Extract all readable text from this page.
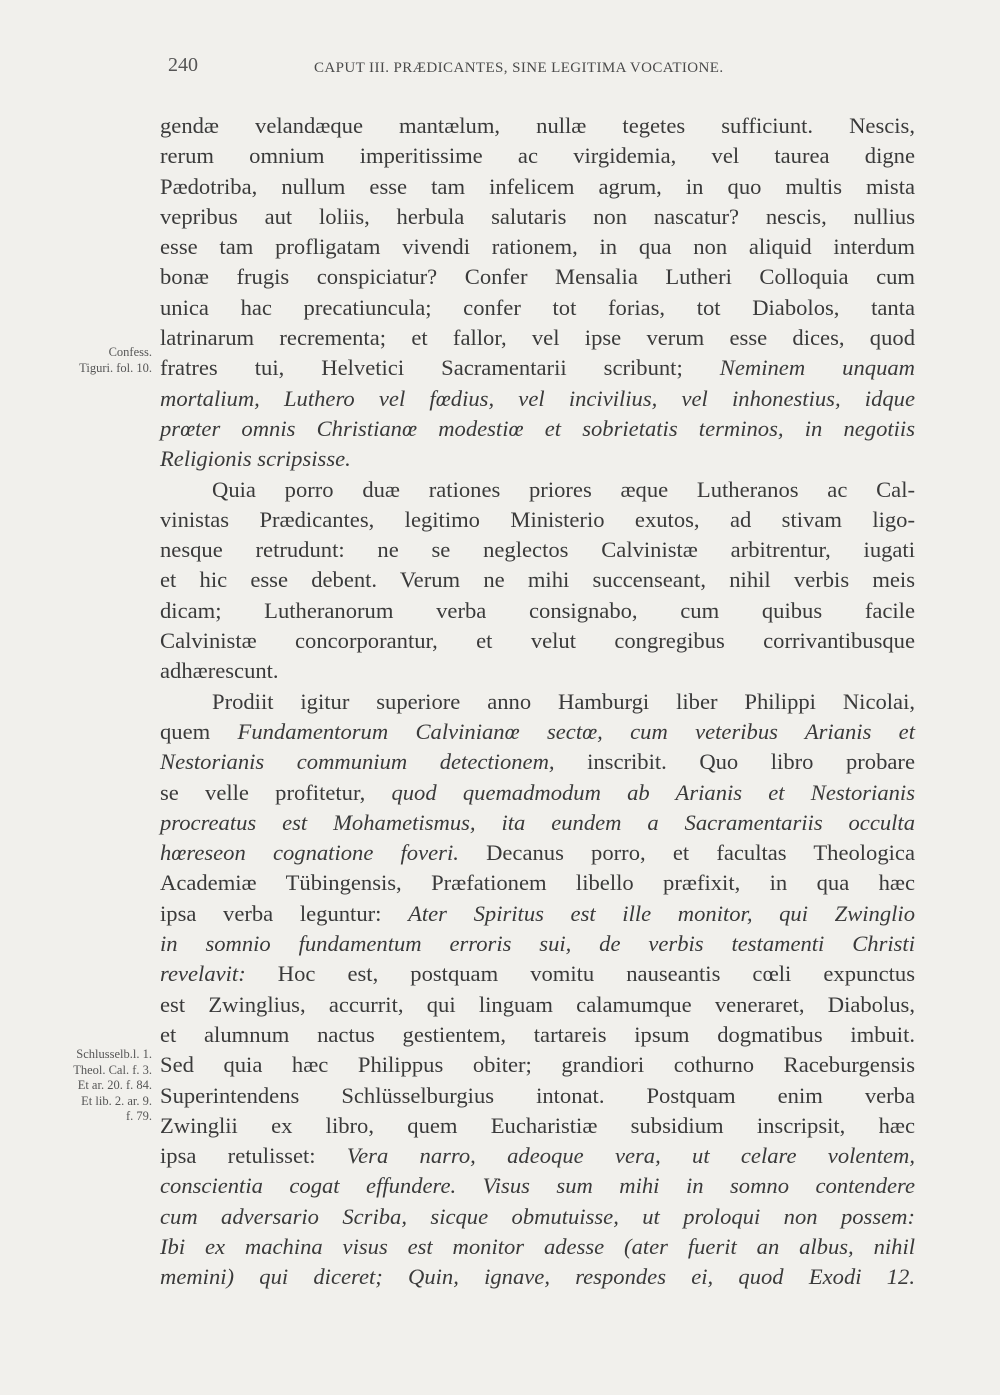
240	CAPUT III. PRÆDICANTES, SINE LEGITIMA VOCATIONE.
Confess.
Tiguri. fol. 10.
Schlusselb.l. 1.
Theol. Cal. f. 3.
Et ar. 20. f. 84.
Et lib. 2. ar. 9.
f. 79.

gendæ velandæque mantælum, nullæ tegetes sufficiunt. Nescis,
rerum omnium imperitissime ac virgidemia, vel taurea digne
Pædotriba, nullum esse tam infelicem agrum, in quo multis mista
vepribus aut loliis, herbula salutaris non nascatur? nescis, nullius
esse tam profligatam vivendi rationem, in qua non aliquid interdum
bonæ frugis conspiciatur? Confer Mensalia Lutheri Colloquia cum
unica hac precatiuncula; confer tot forias, tot Diabolos, tanta
latrinarum recrementa; et fallor, vel ipse verum esse dices, quod
fratres tui, Helvetici Sacramentarii scribunt; Neminem unquam
mortalium, Luthero vel fœdius, vel incivilius, vel inhonestius, idque
prœter omnis Christianœ modestiœ et sobrietatis terminos, in negotiis
Religionis scripsisse.

Quia porro duæ rationes priores æque Lutheranos ac Cal-
vinistas Prædicantes, legitimo Ministerio exutos, ad stivam ligo-
nesque retrudunt: ne se neglectos Calvinistæ arbitrentur, iugati
et hic esse debent. Verum ne mihi succenseant, nihil verbis meis
dicam; Lutheranorum verba consignabo, cum quibus facile
Calvinistæ concorporantur, et velut congregibus corrivantibusque
adhærescunt.

Prodiit igitur superiore anno Hamburgi liber Philippi Nicolai,
quem Fundamentorum Calvinianœ sectœ, cum veteribus Arianis et
Nestorianis communium detectionem, inscribit. Quo libro probare
se velle profitetur, quod quemadmodum ab Arianis et Nestorianis
procreatus est Mohametismus, ita eundem a Sacramentariis occulta
hœreseon cognatione foveri. Decanus porro, et facultas Theologica
Academiæ Tübingensis, Præfationem libello præfixit, in qua hæc
ipsa verba leguntur: Ater Spiritus est ille monitor, qui Zwinglio
in somnio fundamentum erroris sui, de verbis testamenti Christi
revelavit: Hoc est, postquam vomitu nauseantis cœli expunctus
est Zwinglius, accurrit, qui linguam calamumque veneraret, Diabolus,
et alumnum nactus gestientem, tartareis ipsum dogmatibus imbuit.
Sed quia hæc Philippus obiter; grandiori cothurno Raceburgensis
Superintendens Schlüsselburgius intonat. Postquam enim verba
Zwinglii ex libro, quem Eucharistiæ subsidium inscripsit, hæc
ipsa retulisset: Vera narro, adeoque vera, ut celare volentem,
conscientia cogat effundere. Visus sum mihi in somno contendere
cum adversario Scriba, sicque obmutuisse, ut proloqui non possem:
Ibi ex machina visus est monitor adesse (ater fuerit an albus, nihil
memini) qui diceret; Quin, ignave, respondes ei, quod Exodi 12.
